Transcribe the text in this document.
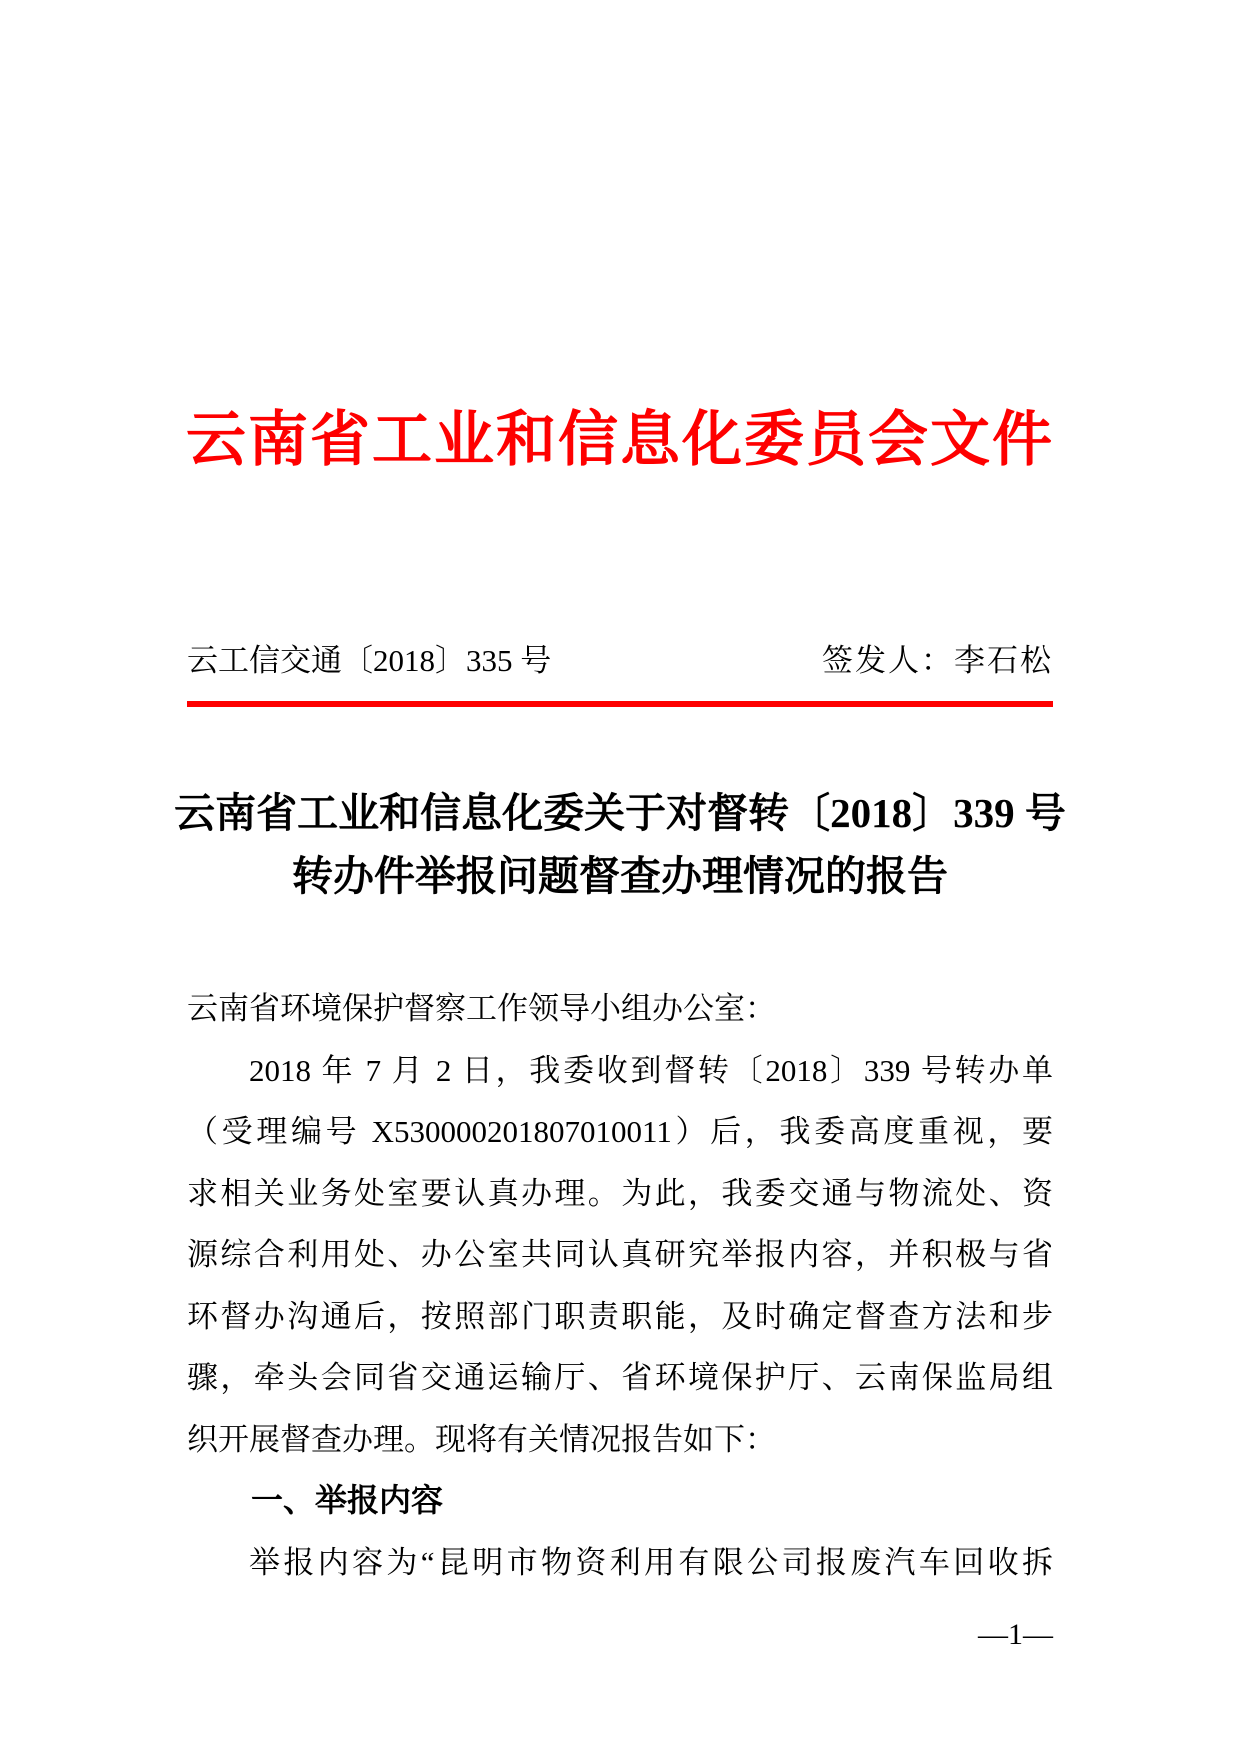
云南省工业和信息化委员会文件
云工信交通〔2018〕335 号	签发人：李石松
云南省工业和信息化委关于对督转〔2018〕339 号
转办件举报问题督查办理情况的报告
云南省环境保护督察工作领导小组办公室：
2018 年 7 月 2 日，我委收到督转〔2018〕339 号转办单
（受理编号 X530000201807010011）后，我委高度重视，要
求相关业务处室要认真办理。为此，我委交通与物流处、资
源综合利用处、办公室共同认真研究举报内容，并积极与省
环督办沟通后，按照部门职责职能，及时确定督查方法和步
骤，牵头会同省交通运输厅、省环境保护厅、云南保监局组
织开展督查办理。现将有关情况报告如下：
一、举报内容
举报内容为“昆明市物资利用有限公司报废汽车回收拆
—1—
